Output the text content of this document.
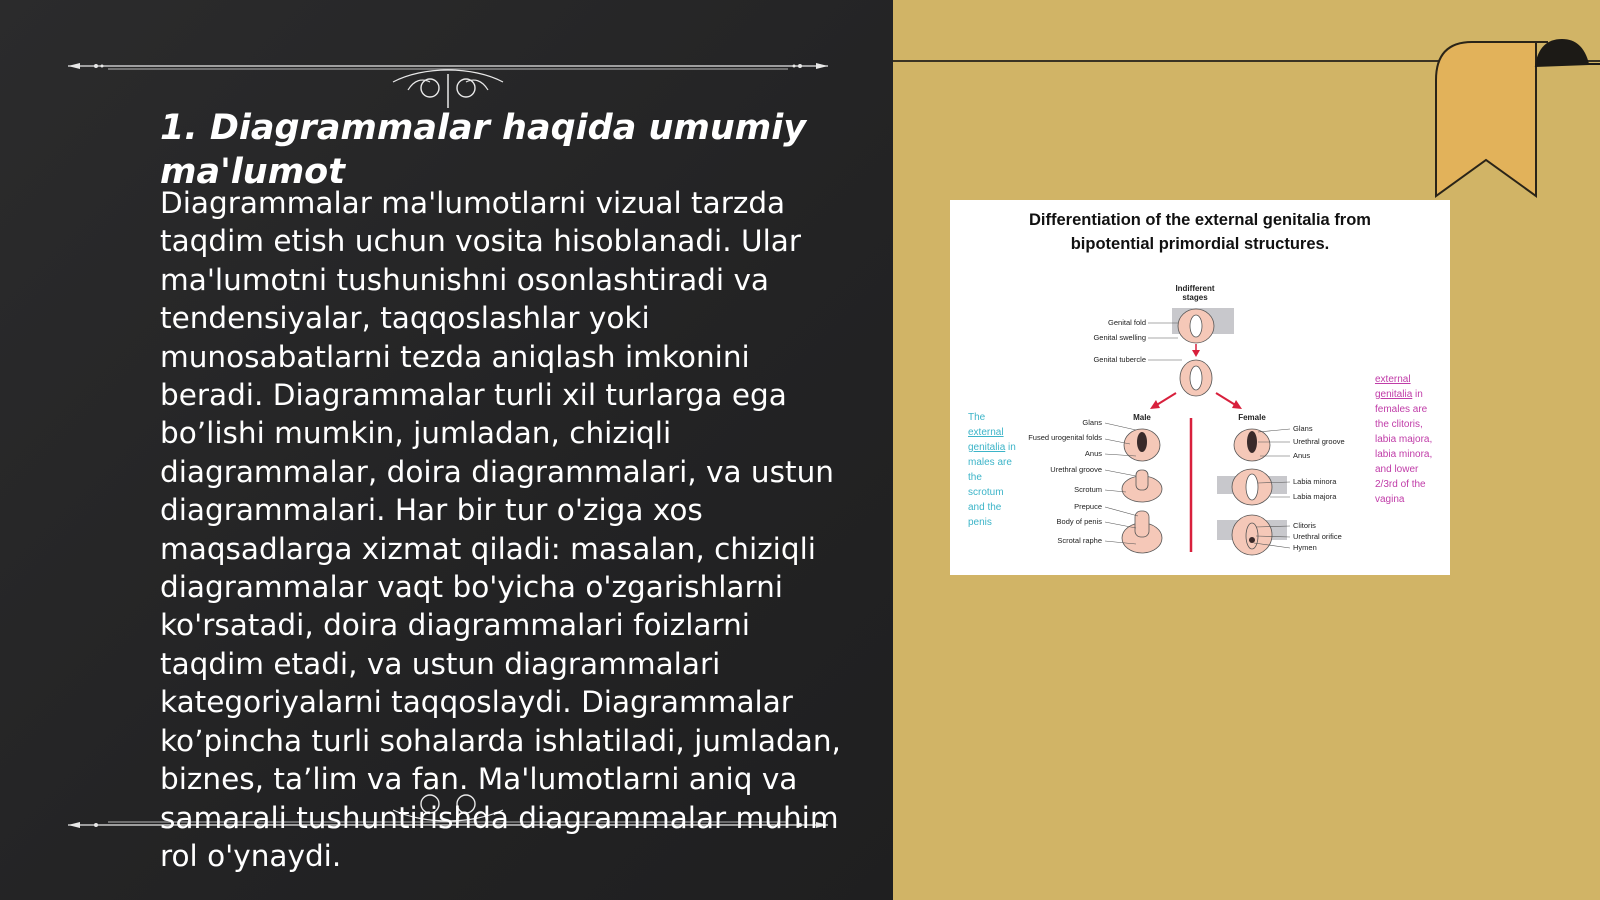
1. Diagrammalar haqida umumiy ma'lumot

Diagrammalar ma'lumotlarni vizual tarzda taqdim etish uchun vosita hisoblanadi. Ular ma'lumotni tushunishni osonlashtiradi va tendensiyalar, taqqoslashlar yoki munosabatlarni tezda aniqlash imkonini beradi. Diagrammalar turli xil turlarga ega bo’lishi mumkin, jumladan, chiziqli diagrammalar, doira diagrammalari, va ustun diagrammalari. Har bir tur o'ziga xos maqsadlarga xizmat qiladi: masalan, chiziqli diagrammalar vaqt bo'yicha o'zgarishlarni ko'rsatadi, doira diagrammalari foizlarni taqdim etadi, va ustun diagrammalari kategoriyalarni taqqoslaydi. Diagrammalar ko’pincha turli sohalarda ishlatiladi, jumladan, biznes, ta’lim va fan. Ma'lumotlarni aniq va samarali tushuntirishda diagrammalar muhim rol o'ynaydi.

Differentiation of the external genitalia from
bipotential primordial structures.

Indifferent
stages
Genital fold
Genital swelling
Genital tubercle
Male	Female
Glans
Fused urogenital folds
Anus
Urethral groove
Scrotum
Prepuce
Body of penis
Scrotal raphe
Glans
Urethral groove
Anus
Labia minora
Labia majora
Clitoris
Urethral orifice
Hymen

The external genitalia in males are the scrotum and the penis

external genitalia in females are the clitoris, labia majora, labia minora, and lower 2/3rd of the vagina
